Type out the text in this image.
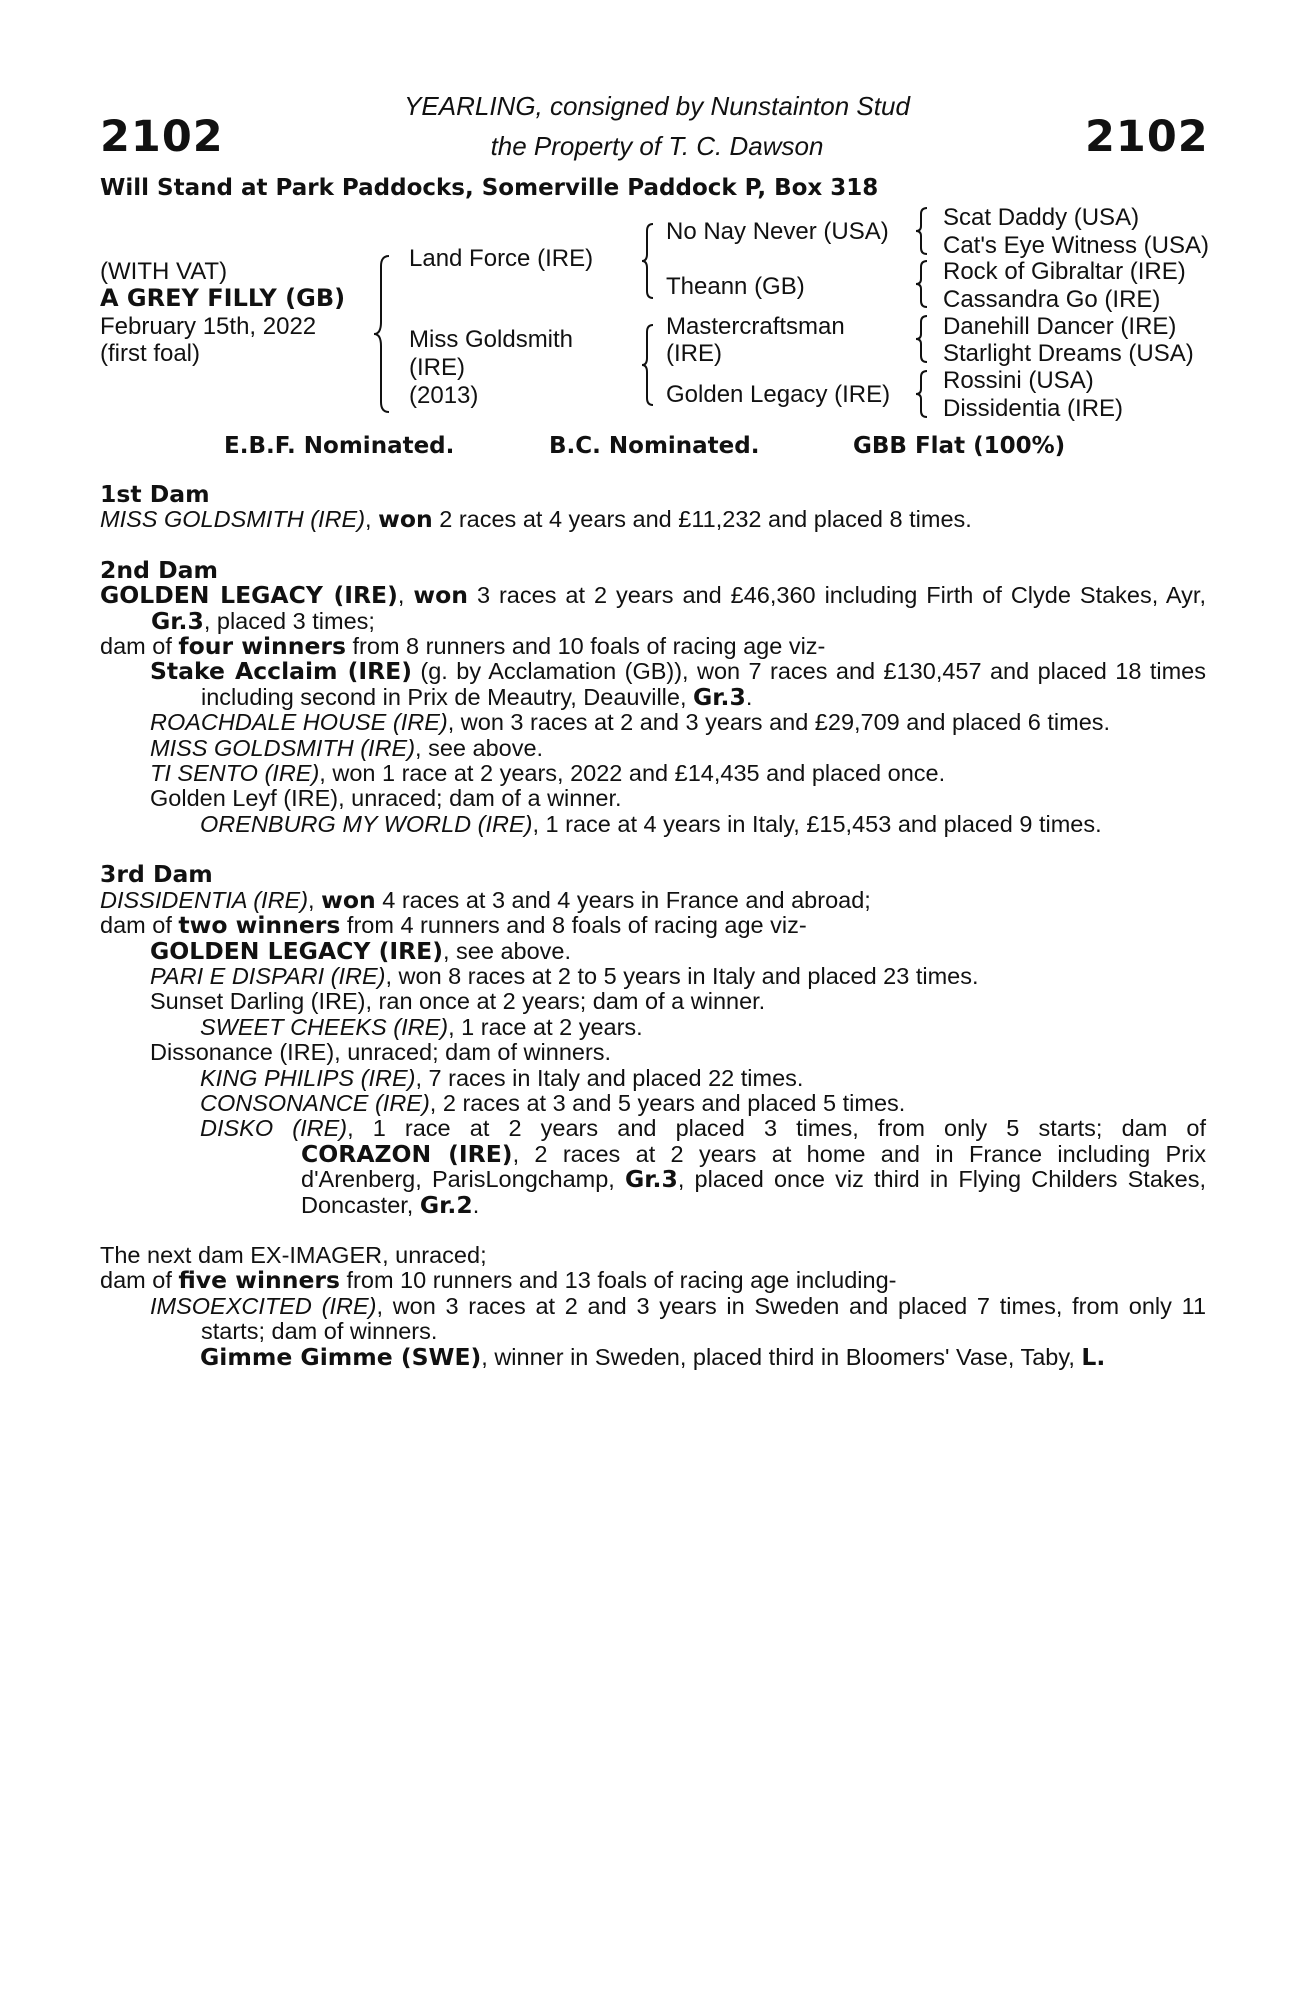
2102	2102
YEARLING, consigned by Nunstainton Stud
the Property of T. C. Dawson
Will Stand at Park Paddocks, Somerville Paddock P, Box 318
(WITH VAT)
A GREY FILLY (GB)
February 15th, 2022
(first foal)
Land Force (IRE)
Miss Goldsmith
(IRE)
(2013)
No Nay Never (USA)
Theann (GB)
Mastercraftsman
(IRE)
Golden Legacy (IRE)
Scat Daddy (USA)
Cat's Eye Witness (USA)
Rock of Gibraltar (IRE)
Cassandra Go (IRE)
Danehill Dancer (IRE)
Starlight Dreams (USA)
Rossini (USA)
Dissidentia (IRE)
E.B.F. Nominated.	B.C. Nominated.	GBB Flat (100%)

1st Dam

MISS GOLDSMITH (IRE), won 2 races at 4 years and £11,232 and placed 8 times.

2nd Dam

GOLDEN LEGACY (IRE), won 3 races at 2 years and £46,360 including Firth of Clyde Stakes, Ayr, Gr.3, placed 3 times;

dam of four winners from 8 runners and 10 foals of racing age viz-

Stake Acclaim (IRE) (g. by Acclamation (GB)), won 7 races and £130,457 and placed 18 times including second in Prix de Meautry, Deauville, Gr.3.

ROACHDALE HOUSE (IRE), won 3 races at 2 and 3 years and £29,709 and placed 6 times.

MISS GOLDSMITH (IRE), see above.

TI SENTO (IRE), won 1 race at 2 years, 2022 and £14,435 and placed once.

Golden Leyf (IRE), unraced; dam of a winner.

ORENBURG MY WORLD (IRE), 1 race at 4 years in Italy, £15,453 and placed 9 times.

3rd Dam

DISSIDENTIA (IRE), won 4 races at 3 and 4 years in France and abroad;

dam of two winners from 4 runners and 8 foals of racing age viz-

GOLDEN LEGACY (IRE), see above.

PARI E DISPARI (IRE), won 8 races at 2 to 5 years in Italy and placed 23 times.

Sunset Darling (IRE), ran once at 2 years; dam of a winner.

SWEET CHEEKS (IRE), 1 race at 2 years.

Dissonance (IRE), unraced; dam of winners.

KING PHILIPS (IRE), 7 races in Italy and placed 22 times.

CONSONANCE (IRE), 2 races at 3 and 5 years and placed 5 times.

DISKO (IRE), 1 race at 2 years and placed 3 times, from only 5 starts; dam of

CORAZON (IRE), 2 races at 2 years at home and in France including Prix d'Arenberg, ParisLongchamp, Gr.3, placed once viz third in Flying Childers Stakes, Doncaster, Gr.2.

The next dam EX-IMAGER, unraced;

dam of five winners from 10 runners and 13 foals of racing age including-

IMSOEXCITED (IRE), won 3 races at 2 and 3 years in Sweden and placed 7 times, from only 11 starts; dam of winners.

Gimme Gimme (SWE), winner in Sweden, placed third in Bloomers' Vase, Taby, L.
